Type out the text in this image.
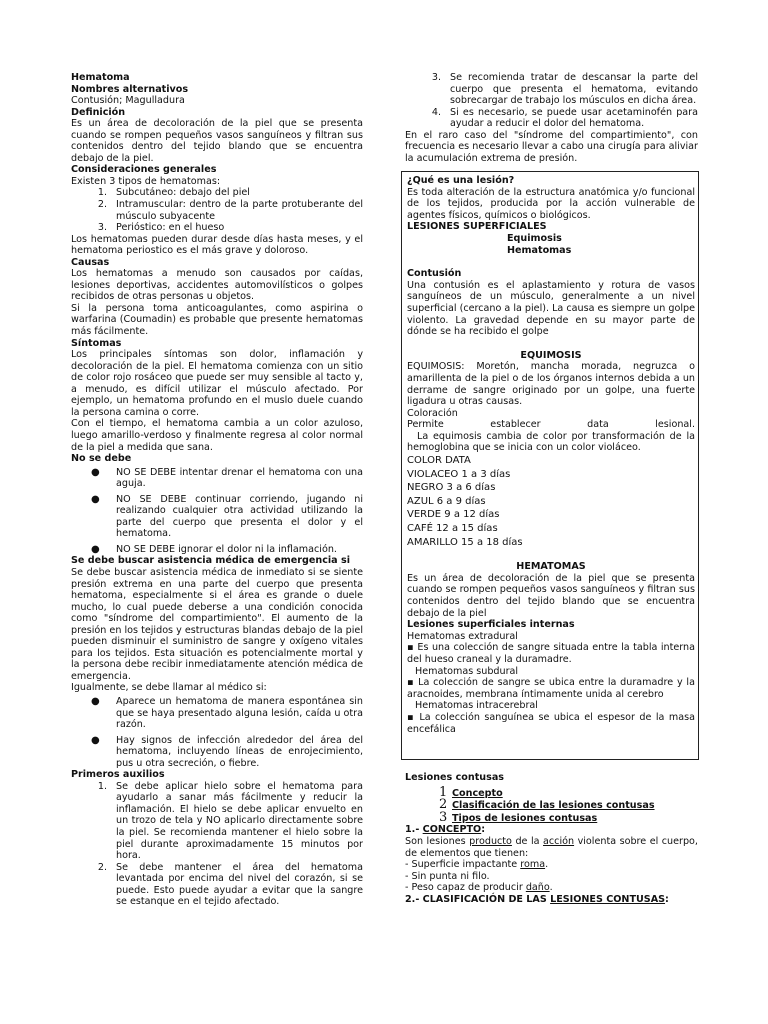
Hematoma

Nombres alternativos

Contusión; Magulladura

Definición

Es un área de decoloración de la piel que se presenta cuando se rompen pequeños vasos sanguíneos y filtran sus contenidos dentro del tejido blando que se encuentra debajo de la piel.

Consideraciones generales

Existen 3 tipos de hematomas:

1. Subcutáneo: debajo del piel
2. Intramuscular: dentro de la parte protuberante del músculo subyacente
3. Perióstico: en el hueso

Los hematomas pueden durar desde días hasta meses, y el hematoma periostico es el más grave y doloroso.

Causas

Los hematomas a menudo son causados por caídas, lesiones deportivas, accidentes automovilísticos o golpes recibidos de otras personas u objetos.

Si la persona toma anticoagulantes, como aspirina o warfarina (Coumadin) es probable que presente hematomas más fácilmente.

Síntomas

Los principales síntomas son dolor, inflamación y decoloración de la piel. El hematoma comienza con un sitio de color rojo rosáceo que puede ser muy sensible al tacto y, a menudo, es difícil utilizar el músculo afectado. Por ejemplo, un hematoma profundo en el muslo duele cuando la persona camina o corre.

Con el tiempo, el hematoma cambia a un color azuloso, luego amarillo-verdoso y finalmente regresa al color normal de la piel a medida que sana.

No se debe

●	NO SE DEBE intentar drenar el hematoma con una aguja.
●	NO SE DEBE continuar corriendo, jugando ni realizando cualquier otra actividad utilizando la parte del cuerpo que presenta el dolor y el hematoma.
●	NO SE DEBE ignorar el dolor ni la inflamación.

Se debe buscar asistencia médica de emergencia si

Se debe buscar asistencia médica de inmediato si se siente presión extrema en una parte del cuerpo que presenta hematoma, especialmente si el área es grande o duele mucho, lo cual puede deberse a una condición conocida como "síndrome del compartimiento". El aumento de la presión en los tejidos y estructuras blandas debajo de la piel pueden disminuir el suministro de sangre y oxígeno vitales para los tejidos. Esta situación es potencialmente mortal y la persona debe recibir inmediatamente atención médica de emergencia.

Igualmente, se debe llamar al médico si:

●	Aparece un hematoma de manera espontánea sin que se haya presentado alguna lesión, caída u otra razón.
●	Hay signos de infección alrededor del área del hematoma, incluyendo líneas de enrojecimiento, pus u otra secreción, o fiebre.

Primeros auxilios

1. Se debe aplicar hielo sobre el hematoma para ayudarlo a sanar más fácilmente y reducir la inflamación. El hielo se debe aplicar envuelto en un trozo de tela y NO aplicarlo directamente sobre la piel. Se recomienda mantener el hielo sobre la piel durante aproximadamente 15 minutos por hora.
2. Se debe mantener el área del hematoma levantada por encima del nivel del corazón, si se puede. Esto puede ayudar a evitar que la sangre se estanque en el tejido afectado.
3. Se recomienda tratar de descansar la parte del cuerpo que presenta el hematoma, evitando sobrecargar de trabajo los músculos en dicha área.
4. Si es necesario, se puede usar acetaminofén para ayudar a reducir el dolor del hematoma.

En el raro caso del "síndrome del compartimiento", con frecuencia es necesario llevar a cabo una cirugía para aliviar la acumulación extrema de presión.

¿Qué es una lesión?

Es toda alteración de la estructura anatómica y/o funcional de los tejidos, producida por la acción vulnerable de agentes físicos, químicos o biológicos.

LESIONES SUPERFICIALES

Equimosis

Hematomas

Contusión

Una contusión es el aplastamiento y rotura de vasos sanguíneos de un músculo, generalmente a un nivel superficial (cercano a la piel). La causa es siempre un golpe violento. La gravedad depende en su mayor parte de dónde se ha recibido el golpe

EQUIMOSIS

EQUIMOSIS: Moretón, mancha morada, negruzca o amarillenta de la piel o de los órganos internos debida a un derrame de sangre originado por un golpe, una fuerte ligadura u otras causas.

Coloración

Permite establecer data lesional.

La equimosis cambia de color por transformación de la hemoglobina que se inicia con un color violáceo.

COLOR DATA

VIOLACEO 1 a 3 días

NEGRO 3 a 6 días

AZUL 6 a 9 días

VERDE 9 a 12 días

CAFÉ 12 a 15 días

AMARILLO 15 a 18 días

HEMATOMAS

Es un área de decoloración de la piel que se presenta cuando se rompen pequeños vasos sanguíneos y filtran sus contenidos dentro del tejido blando que se encuentra debajo de la piel

Lesiones superficiales internas

Hematomas extradural

▪ Es una colección de sangre situada entre la tabla interna del hueso craneal y la duramadre.

Hematomas subdural

▪ La colección de sangre se ubica entre la duramadre y la aracnoides, membrana íntimamente unida al cerebro

Hematomas intracerebral

▪ La colección sanguínea se ubica el espesor de la masa encefálica

Lesiones contusas

1 Concepto
2 Clasificación de las lesiones contusas
3 Tipos de lesiones contusas

1.- CONCEPTO:

Son lesiones producto de la acción violenta sobre el cuerpo, de elementos que tienen:

- Superficie impactante roma.

- Sin punta ni filo.

- Peso capaz de producir daño.

2.- CLASIFICACIÓN DE LAS LESIONES CONTUSAS:
